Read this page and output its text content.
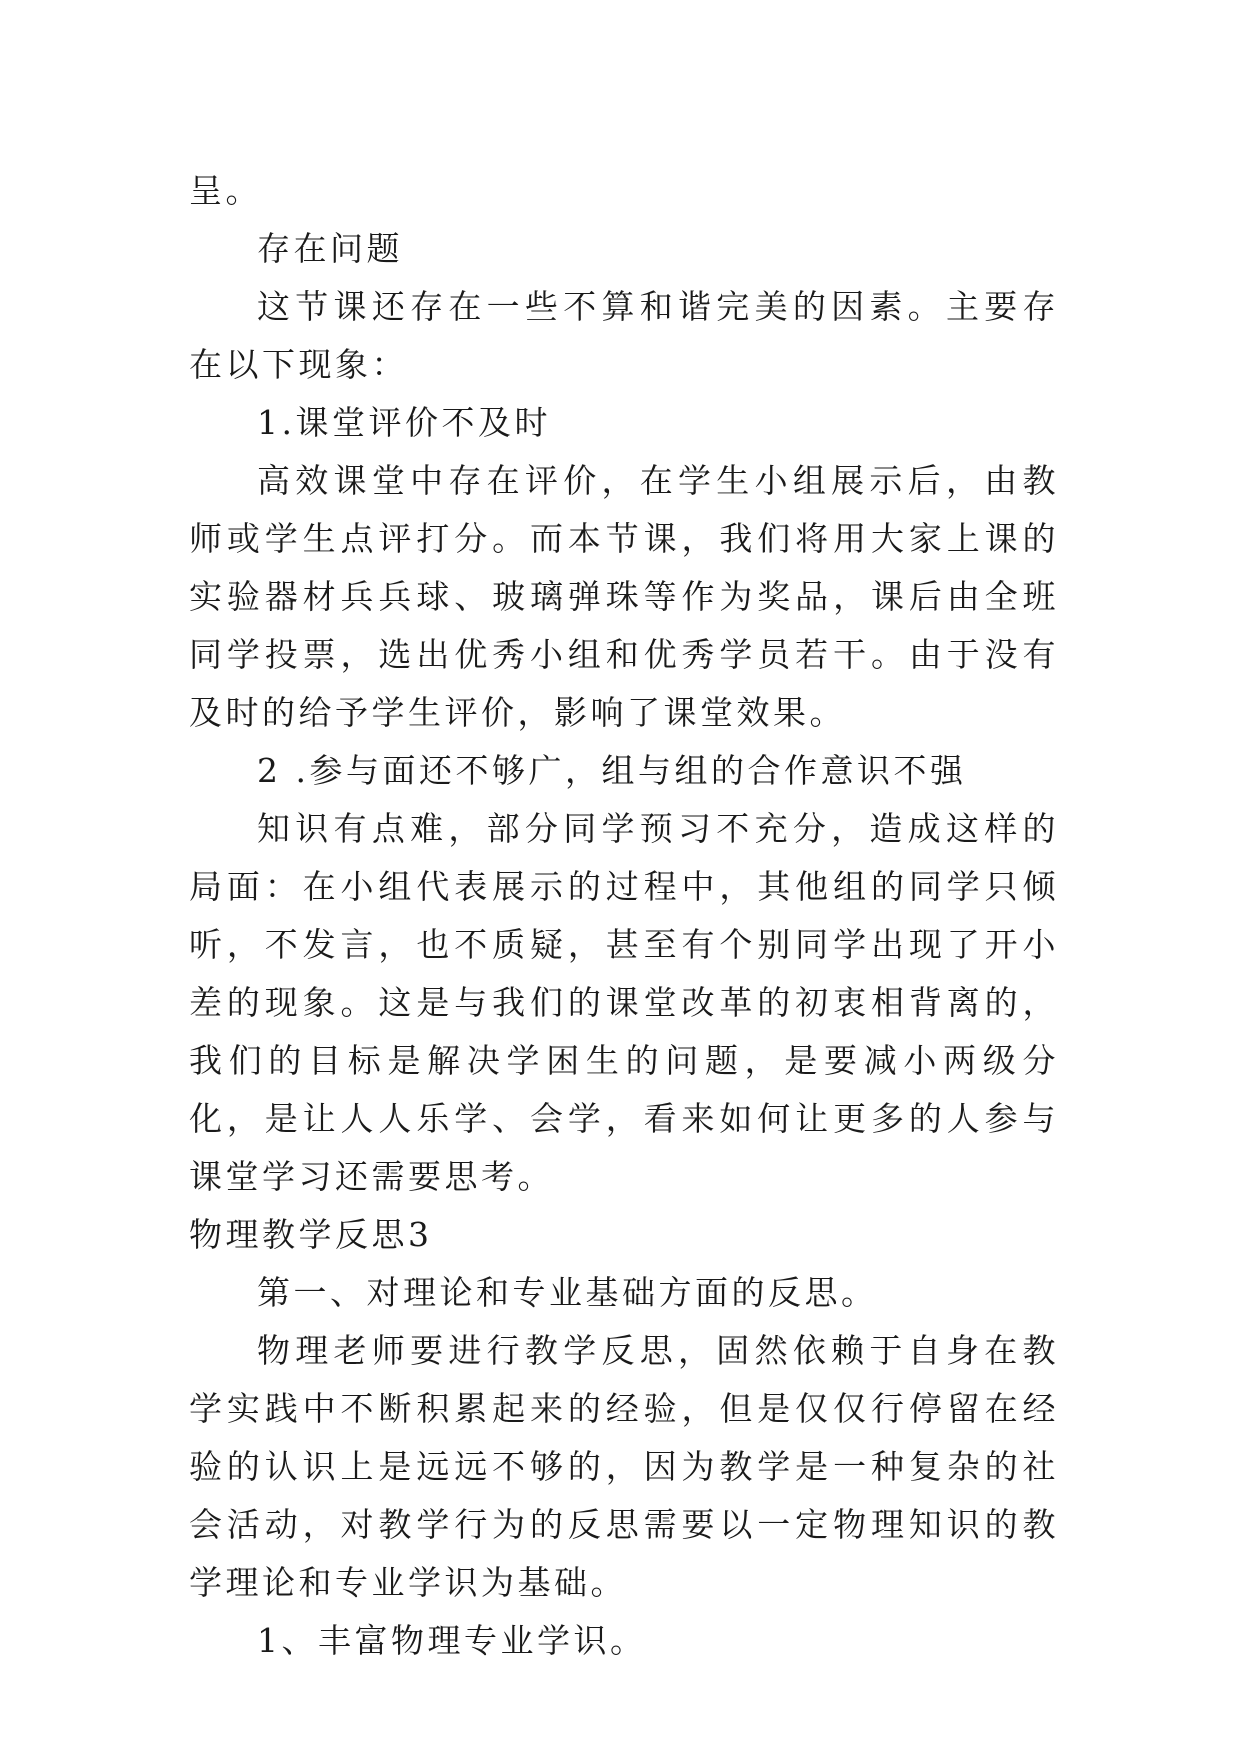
呈。

存在问题

这节课还存在一些不算和谐完美的因素。主要存在以下现象：

1.课堂评价不及时

高效课堂中存在评价，在学生小组展示后，由教师或学生点评打分。而本节课，我们将用大家上课的实验器材兵兵球、玻璃弹珠等作为奖品，课后由全班同学投票，选出优秀小组和优秀学员若干。由于没有及时的给予学生评价，影响了课堂效果。

2 .参与面还不够广，组与组的合作意识不强

知识有点难，部分同学预习不充分，造成这样的局面：在小组代表展示的过程中，其他组的同学只倾听，不发言，也不质疑，甚至有个别同学出现了开小差的现象。这是与我们的课堂改革的初衷相背离的，我们的目标是解决学困生的问题，是要减小两级分化，是让人人乐学、会学，看来如何让更多的人参与课堂学习还需要思考。

物理教学反思3

第一、对理论和专业基础方面的反思。

物理老师要进行教学反思，固然依赖于自身在教学实践中不断积累起来的经验，但是仅仅行停留在经验的认识上是远远不够的，因为教学是一种复杂的社会活动，对教学行为的反思需要以一定物理知识的教学理论和专业学识为基础。

1、丰富物理专业学识。
